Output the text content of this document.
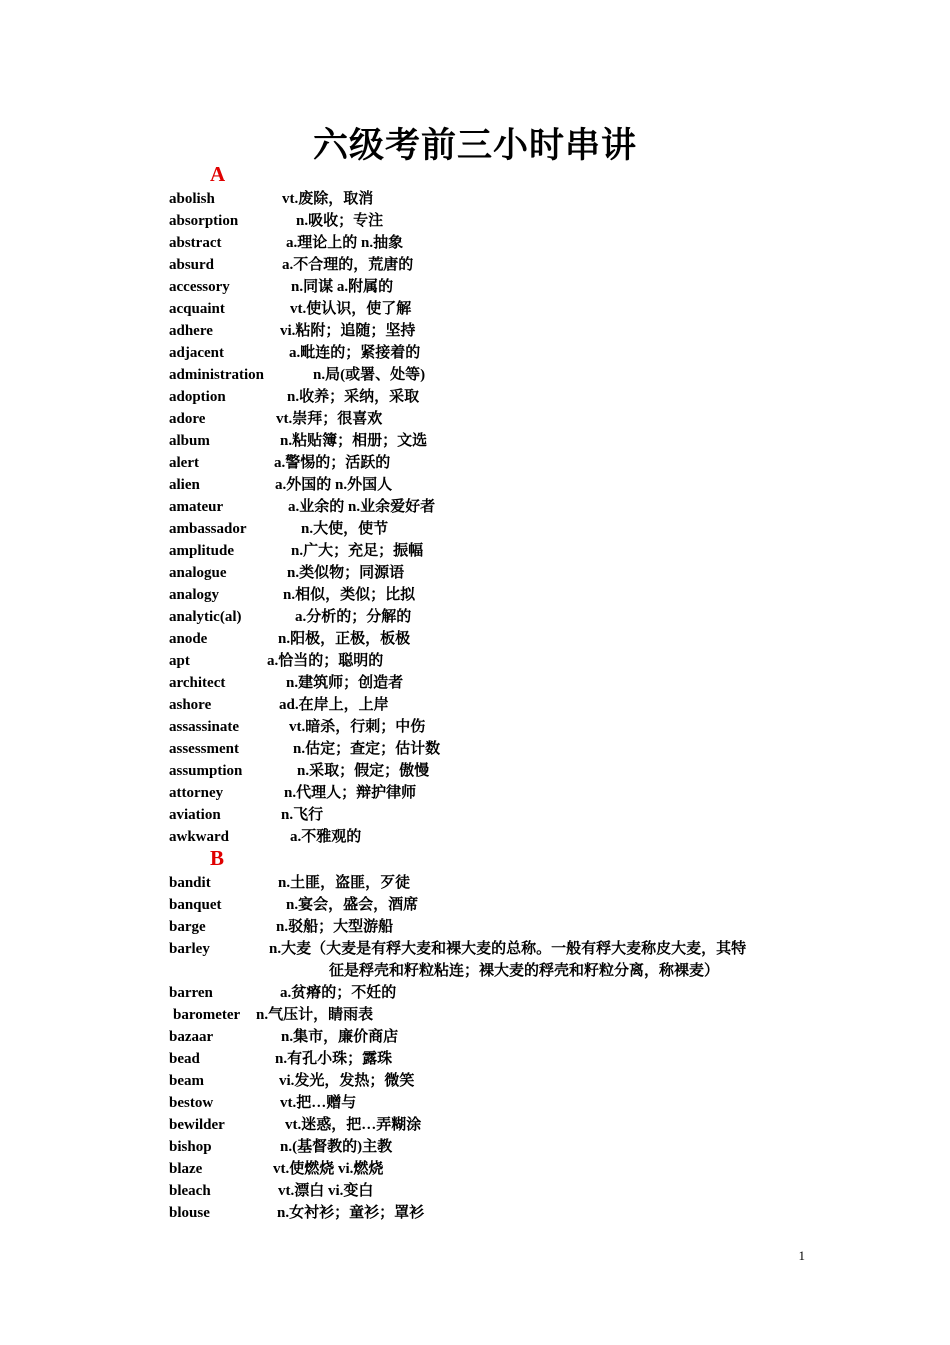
六级考前三小时串讲
A
abolish	vt.废除，取消
absorption	n.吸收；专注
abstract	a.理论上的 n.抽象
absurd	a.不合理的，荒唐的
accessory	n.同谋 a.附属的
acquaint	vt.使认识，使了解
adhere	vi.粘附；追随；坚持
adjacent	a.毗连的；紧接着的
administration	n.局(或署、处等)
adoption	n.收养；采纳，采取
adore	vt.崇拜；很喜欢
album	n.粘贴簿；相册；文选
alert	a.警惕的；活跃的
alien	a.外国的 n.外国人
amateur	a.业余的 n.业余爱好者
ambassador	n.大使，使节
amplitude	n.广大；充足；振幅
analogue	n.类似物；同源语
analogy	n.相似，类似；比拟
analytic(al)	a.分析的；分解的
anode	n.阳极，正极，板极
apt	a.恰当的；聪明的
architect	n.建筑师；创造者
ashore	ad.在岸上，上岸
assassinate	vt.暗杀，行刺；中伤
assessment	n.估定；查定；估计数
assumption	n.采取；假定；傲慢
attorney	n.代理人；辩护律师
aviation	n.飞行
awkward	a.不雅观的
B
bandit	n.土匪，盗匪，歹徒
banquet	n.宴会，盛会，酒席
barge	n.驳船；大型游船
barley	n.大麦（大麦是有稃大麦和裸大麦的总称。一般有稃大麦称皮大麦，其特
征是稃壳和籽粒粘连；裸大麦的稃壳和籽粒分离，称裸麦）
barren	a.贫瘠的；不妊的
barometer n.气压计，睛雨表
bazaar	n.集市，廉价商店
bead	n.有孔小珠；露珠
beam	vi.发光，发热；微笑
bestow	vt.把…赠与
bewilder	vt.迷惑，把…弄糊涂
bishop	n.(基督教的)主教
blaze	vt.使燃烧 vi.燃烧
bleach	vt.漂白 vi.变白
blouse	n.女衬衫；童衫；罩衫
1
